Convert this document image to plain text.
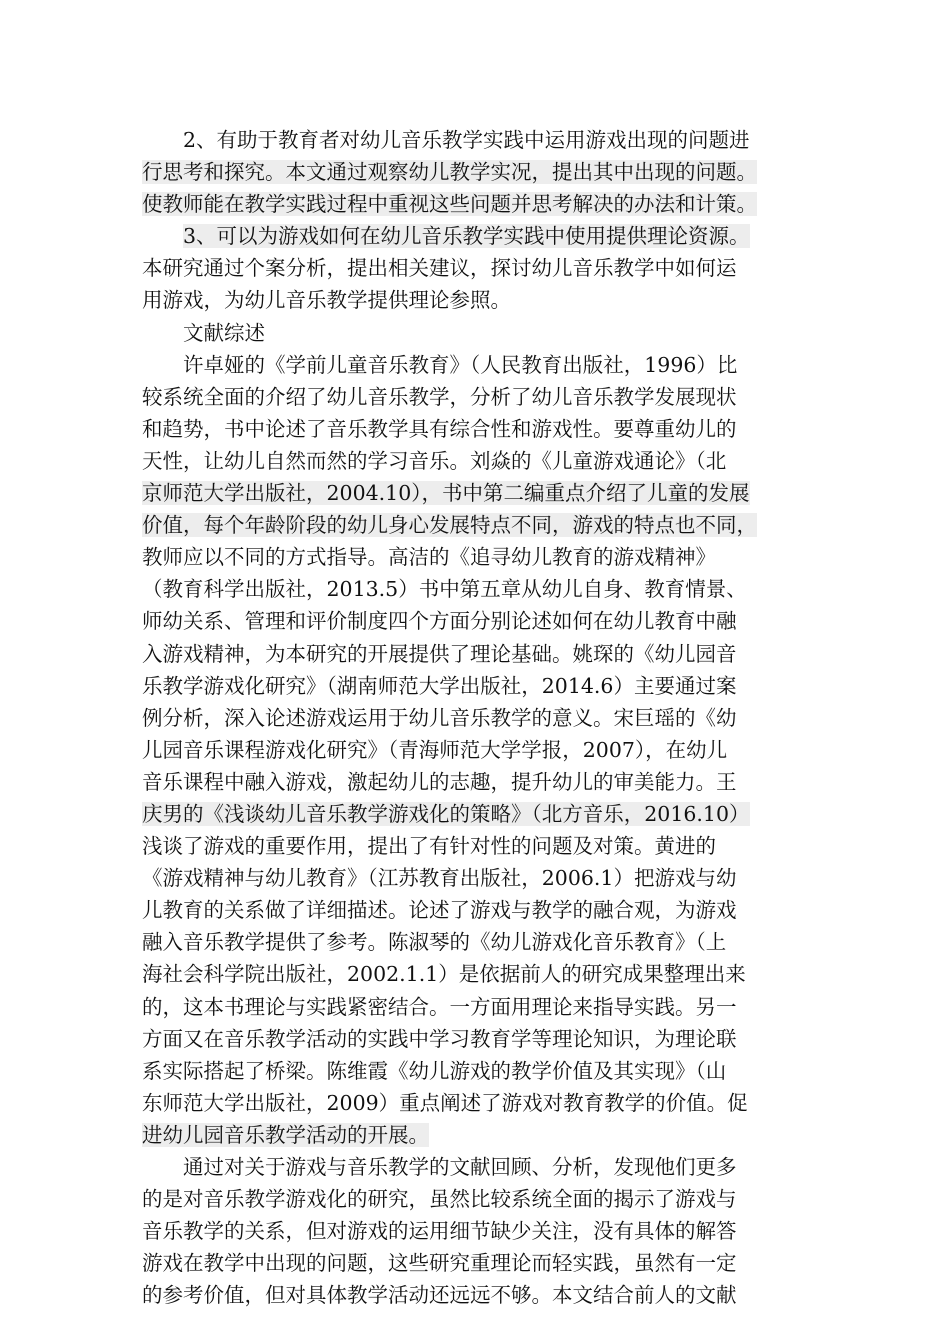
2、有助于教育者对幼儿音乐教学实践中运用游戏出现的问题进
行思考和探究。本文通过观察幼儿教学实况，提出其中出现的问题。
使教师能在教学实践过程中重视这些问题并思考解决的办法和计策。
3、可以为游戏如何在幼儿音乐教学实践中使用提供理论资源。
本研究通过个案分析，提出相关建议，探讨幼儿音乐教学中如何运
用游戏，为幼儿音乐教学提供理论参照。
文献综述
许卓娅的《学前儿童音乐教育》（人民教育出版社，1996）比
较系统全面的介绍了幼儿音乐教学，分析了幼儿音乐教学发展现状
和趋势，书中论述了音乐教学具有综合性和游戏性。要尊重幼儿的
天性，让幼儿自然而然的学习音乐。刘焱的《儿童游戏通论》（北
京师范大学出版社，2004.10），书中第二编重点介绍了儿童的发展
价值，每个年龄阶段的幼儿身心发展特点不同，游戏的特点也不同，
教师应以不同的方式指导。高洁的《追寻幼儿教育的游戏精神》
（教育科学出版社，2013.5）书中第五章从幼儿自身、教育情景、
师幼关系、管理和评价制度四个方面分别论述如何在幼儿教育中融
入游戏精神，为本研究的开展提供了理论基础。姚琛的《幼儿园音
乐教学游戏化研究》（湖南师范大学出版社，2014.6）主要通过案
例分析，深入论述游戏运用于幼儿音乐教学的意义。宋巨瑶的《幼
儿园音乐课程游戏化研究》（青海师范大学学报，2007），在幼儿
音乐课程中融入游戏，激起幼儿的志趣，提升幼儿的审美能力。王
庆男的《浅谈幼儿音乐教学游戏化的策略》（北方音乐，2016.10）
浅谈了游戏的重要作用，提出了有针对性的问题及对策。黄进的
《游戏精神与幼儿教育》（江苏教育出版社，2006.1）把游戏与幼
儿教育的关系做了详细描述。论述了游戏与教学的融合观，为游戏
融入音乐教学提供了参考。陈淑琴的《幼儿游戏化音乐教育》（上
海社会科学院出版社，2002.1.1）是依据前人的研究成果整理出来
的，这本书理论与实践紧密结合。一方面用理论来指导实践。另一
方面又在音乐教学活动的实践中学习教育学等理论知识，为理论联
系实际搭起了桥梁。陈维霞《幼儿游戏的教学价值及其实现》（山
东师范大学出版社，2009）重点阐述了游戏对教育教学的价值。促
进幼儿园音乐教学活动的开展。
通过对关于游戏与音乐教学的文献回顾、分析，发现他们更多
的是对音乐教学游戏化的研究，虽然比较系统全面的揭示了游戏与
音乐教学的关系，但对游戏的运用细节缺少关注，没有具体的解答
游戏在教学中出现的问题，这些研究重理论而轻实践，虽然有一定
的参考价值，但对具体教学活动还远远不够。本文结合前人的文献
